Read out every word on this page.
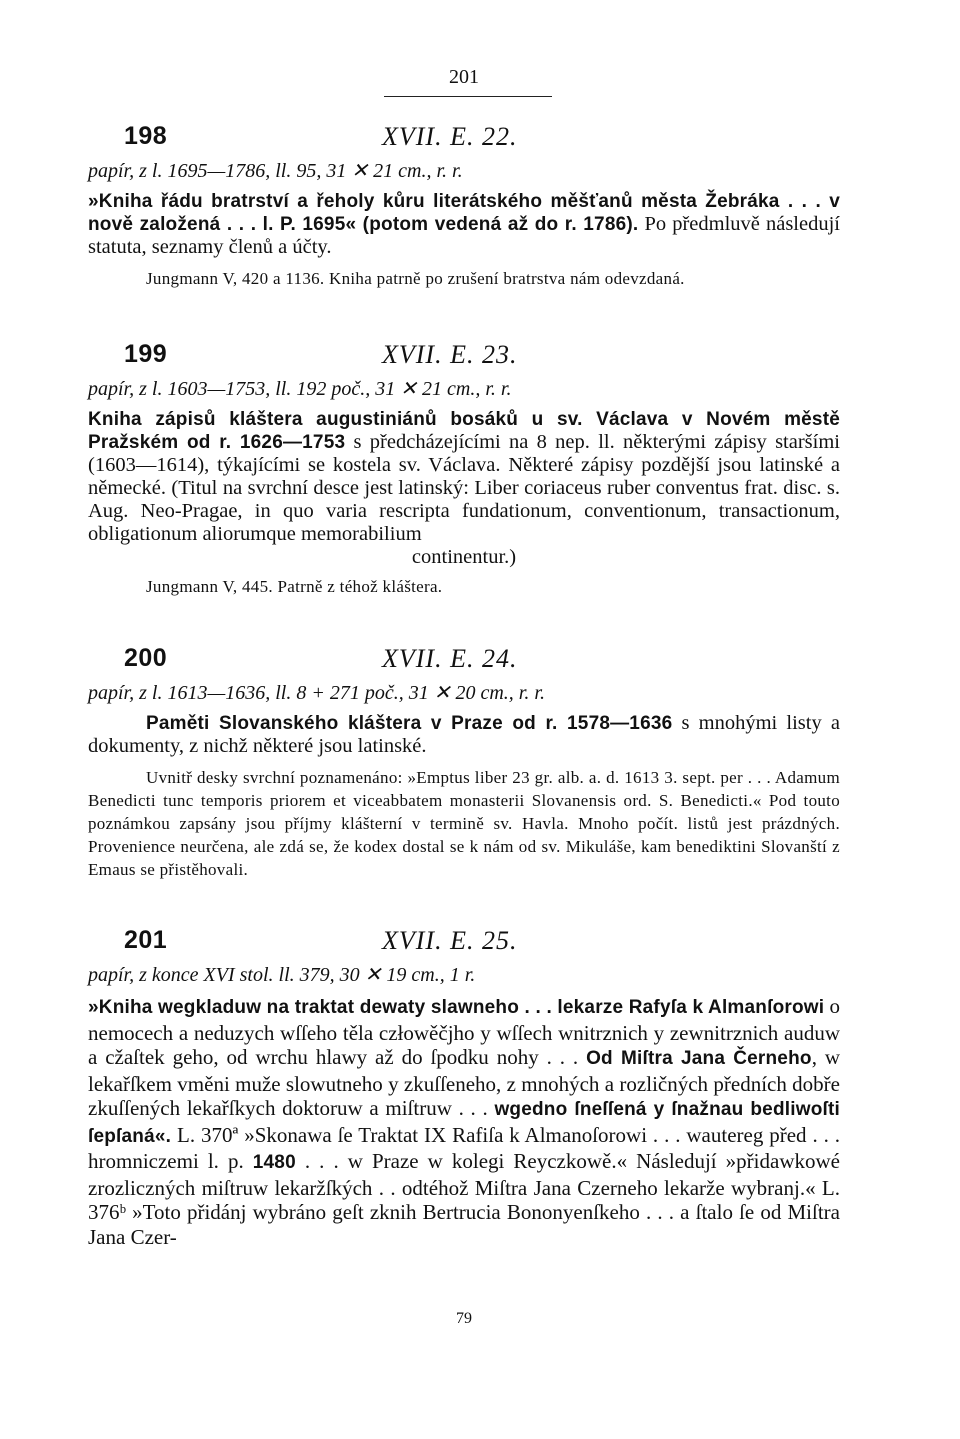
201
198	XVII. E. 22.
papír, z l. 1695—1786, ll. 95, 31 ✕ 21 cm., r. r.
»Kniha řádu bratrství a řeholy kůru literátského měšťanů města Žebráka . . . v nově založená . . . l. P. 1695« (potom vedená až do r. 1786). Po předmluvě následují statuta, seznamy členů a účty.
Jungmann V, 420 a 1136. Kniha patrně po zrušení bratrstva nám odevzdaná.
199	XVII. E. 23.
papír, z l. 1603—1753, ll. 192 poč., 31 ✕ 21 cm., r. r.
Kniha zápisů kláštera augustiniánů bosáků u sv. Václava v Novém městě Pražském od r. 1626—1753 s předcházejícími na 8 nep. ll. některými zápisy staršími (1603—1614), týkajícími se kostela sv. Václava. Některé zápisy pozdější jsou latinské a německé. (Titul na svrchní desce jest latinský: Liber coriaceus ruber conventus frat. disc. s. Aug. Neo-Pragae, in quo varia rescripta fundationum, conventionum, transactionum, obligationum aliorumque memorabilium
continentur.)
Jungmann V, 445. Patrně z téhož kláštera.
200	XVII. E. 24.
papír, z l. 1613—1636, ll. 8 + 271 poč., 31 ✕ 20 cm., r. r.
Paměti Slovanského kláštera v Praze od r. 1578—1636 s mnohými listy a dokumenty, z nichž některé jsou latinské.
Uvnitř desky svrchní poznamenáno: »Emptus liber 23 gr. alb. a. d. 1613 3. sept. per . . . Adamum Benedicti tunc temporis priorem et viceabbatem monasterii Slovanensis ord. S. Benedicti.« Pod touto poznámkou zapsány jsou příjmy klášterní v termině sv. Havla. Mnoho počít. listů jest prázdných. Provenience neurčena, ale zdá se, že kodex dostal se k nám od sv. Mikuláše, kam benediktini Slovanští z Emaus se přistěhovali.
201	XVII. E. 25.
papír, z konce XVI stol. ll. 379, 30 ✕ 19 cm., 1 r.
»Kniha wegkladuw na traktat dewaty slawneho . . . lekarze Rafyſa k Almanſorowi o nemocech a neduzych wſſeho těla człowěčjho y wſſech wnitrznich y zewnitrznich auduw a cžaſtek geho, od wrchu hlawy až do ſpodku nohy . . . Od Miſtra Jana Černeho, w lekařſkem vměni muže slowutneho y zkuſſeneho, z mnohých a rozličných předních dobře zkuſſených lekařſkych doktoruw a miſtruw . . . wgedno ſneſſená y ſnažnau bedliwoſti ſepſaná«. L. 370ª »Skonawa ſe Traktat IX Rafiſa k Almanoſorowi . . . wautereg před . . . hromniczemi l. p. 1480 . . . w Praze w kolegi Reyczkowě.« Následují »přidawkowé zrozliczných miſtruw lekaržſkých . . odtéhož Miſtra Jana Czerneho lekarže wybranj.« L. 376ᵇ »Toto přidánj wybráno geſt zknih Bertrucia Bononyenſkeho . . . a ſtalo ſe od Miſtra Jana Czer-
79
